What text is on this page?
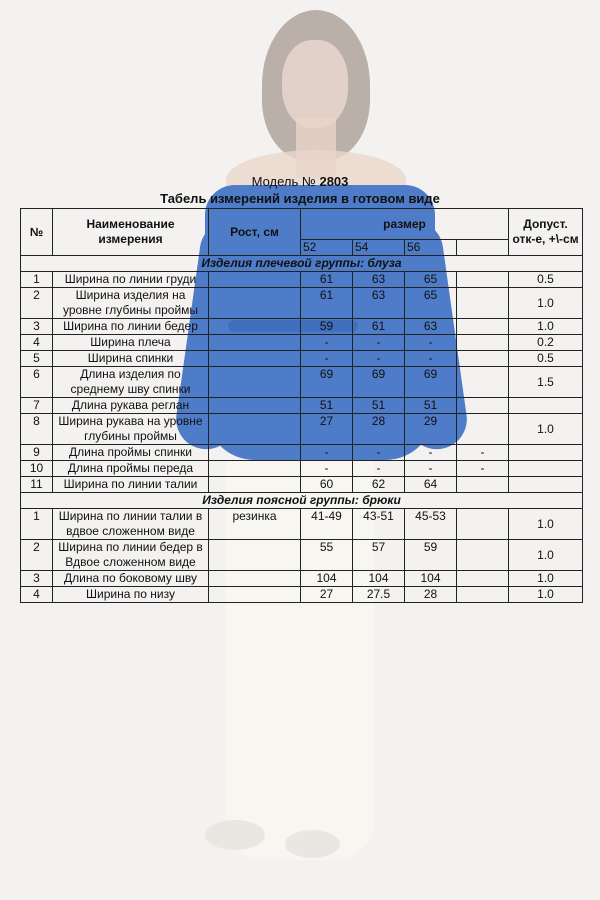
Модель № 2803
Табель измерений изделия в готовом виде
№	Наименование измерения	Рост, см	размер				Допуст. отк-е, +\-см
			52	54	56		
Изделия плечевой группы: блуза							
1	Ширина по линии груди		61	63	65		0.5
2	Ширина изделия на уровне глубины проймы		61	63	65		1.0
3	Ширина по линии бедер		59	61	63		1.0
4	Ширина плеча		-	-	-		0.2
5	Ширина спинки		-	-	-		0.5
6	Длина изделия по среднему шву спинки		69	69	69		1.5
7	Длина рукава реглан		51	51	51		
8	Ширина рукава на уровне глубины проймы		27	28	29		1.0
9	Длина проймы спинки		-	-	-	-	
10	Длина проймы переда		-	-	-	-	
11	Ширина по линии талии		60	62	64		
Изделия поясной группы: брюки							
1	Ширина по линии талии в вдвое сложенном виде	резинка	41-49	43-51	45-53		1.0
2	Ширина по линии бедер в Вдвое сложенном виде		55	57	59		1.0
3	Длина по боковому шву		104	104	104		1.0
4	Ширина по низу		27	27.5	28		1.0
